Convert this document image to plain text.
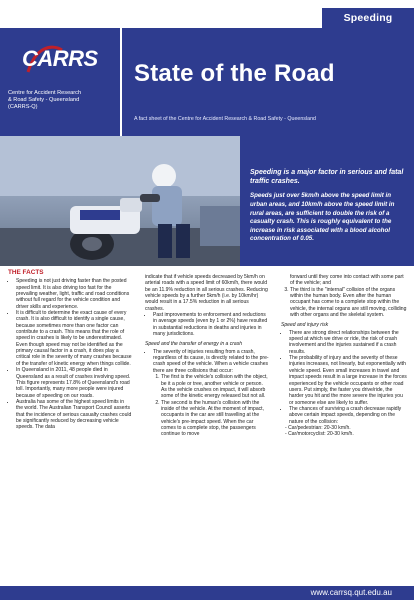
Speeding
CARRS
Centre for Accident Research
& Road Safety - Queensland
(CARRS-Q)
State of the Road
A fact sheet of the Centre for Accident Research & Road Safety - Queensland

Speeding is a major factor in serious and fatal traffic crashes.

Speeds just over 5km/h above the speed limit in urban areas, and 10km/h above the speed limit in rural areas, are sufficient to double the risk of a casualty crash. This is roughly equivalent to the increase in risk associated with a blood alcohol concentration of 0.05.

THE FACTS
• Speeding is not just driving faster than the posted speed limit. It is also driving too fast for the prevailing weather, light, traffic and road conditions without full regard for the vehicle condition and driver skills and experience.
• It is difficult to determine the exact cause of every crash. It is also difficult to identify a single cause, because sometimes more than one factor can contribute to a crash. This means that the role of speed in crashes is likely to be underestimated. Even though speed may not be identified as the primary causal factor in a crash, it does play a critical role in the severity of many crashes because of the transfer of kinetic energy when things collide.
• In Queensland in 2011, 48 people died in Queensland as a result of crashes involving speed. This figure represents 17.8% of Queensland's road toll. Importantly, many more people were injured because of speeding on our roads.
• Australia has some of the highest speed limits in the world. The Australian Transport Council asserts that the incidence of serious casualty crashes could be significantly reduced by decreasing vehicle speeds. The data

indicate that if vehicle speeds decreased by 5km/h on arterial roads with a speed limit of 60km/h, there would be an 11.9% reduction in all serious crashes. Reducing vehicle speeds by a further 5km/h (i.e. by 10km/hr) would result in a 17.5% reduction in all serious crashes.

• Past improvements to enforcement and reductions in average speeds (even by 1 or 2%) have resulted in substantial reductions in deaths and injuries in many jurisdictions.
Speed and the transfer of energy in a crash
• The severity of injuries resulting from a crash, regardless of its cause, is directly related to the pre-crash speed of the vehicle. When a vehicle crashes there are three collisions that occur:
1. The first is the vehicle's collision with the object, be it a pole or tree, another vehicle or person. As the vehicle crushes on impact, it will absorb some of the kinetic energy released but not all.
2. The second is the human's collision with the inside of the vehicle. At the moment of impact, occupants in the car are still travelling at the vehicle's pre-impact speed. When the car comes to a complete stop, the passengers continue to move

forward until they come into contact with some part of the vehicle; and

3. The third is the "internal" collision of the organs within the human body. Even after the human occupant has come to a complete stop within the vehicle, the internal organs are still moving, colliding with other organs and the skeletal system.
Speed and injury risk
• There are strong direct relationships between the speed at which we drive or ride, the risk of crash involvement and the injuries sustained if a crash results.
• The probability of injury and the severity of these injuries increases, not linearly, but exponentially with vehicle speed. Even small increases in travel and impact speeds result in a large increase in the forces experienced by the vehicle occupants or other road users. Put simply, the faster you drive/ride, the harder you hit and the more severe the injuries you or someone else are likely to suffer.
• The chances of surviving a crash decrease rapidly above certain impact speeds, depending on the nature of the collision:
- Car/pedestrian: 20-30 km/h.
- Car/motorcyclist: 20-30 km/h.
www.carrsq.qut.edu.au
